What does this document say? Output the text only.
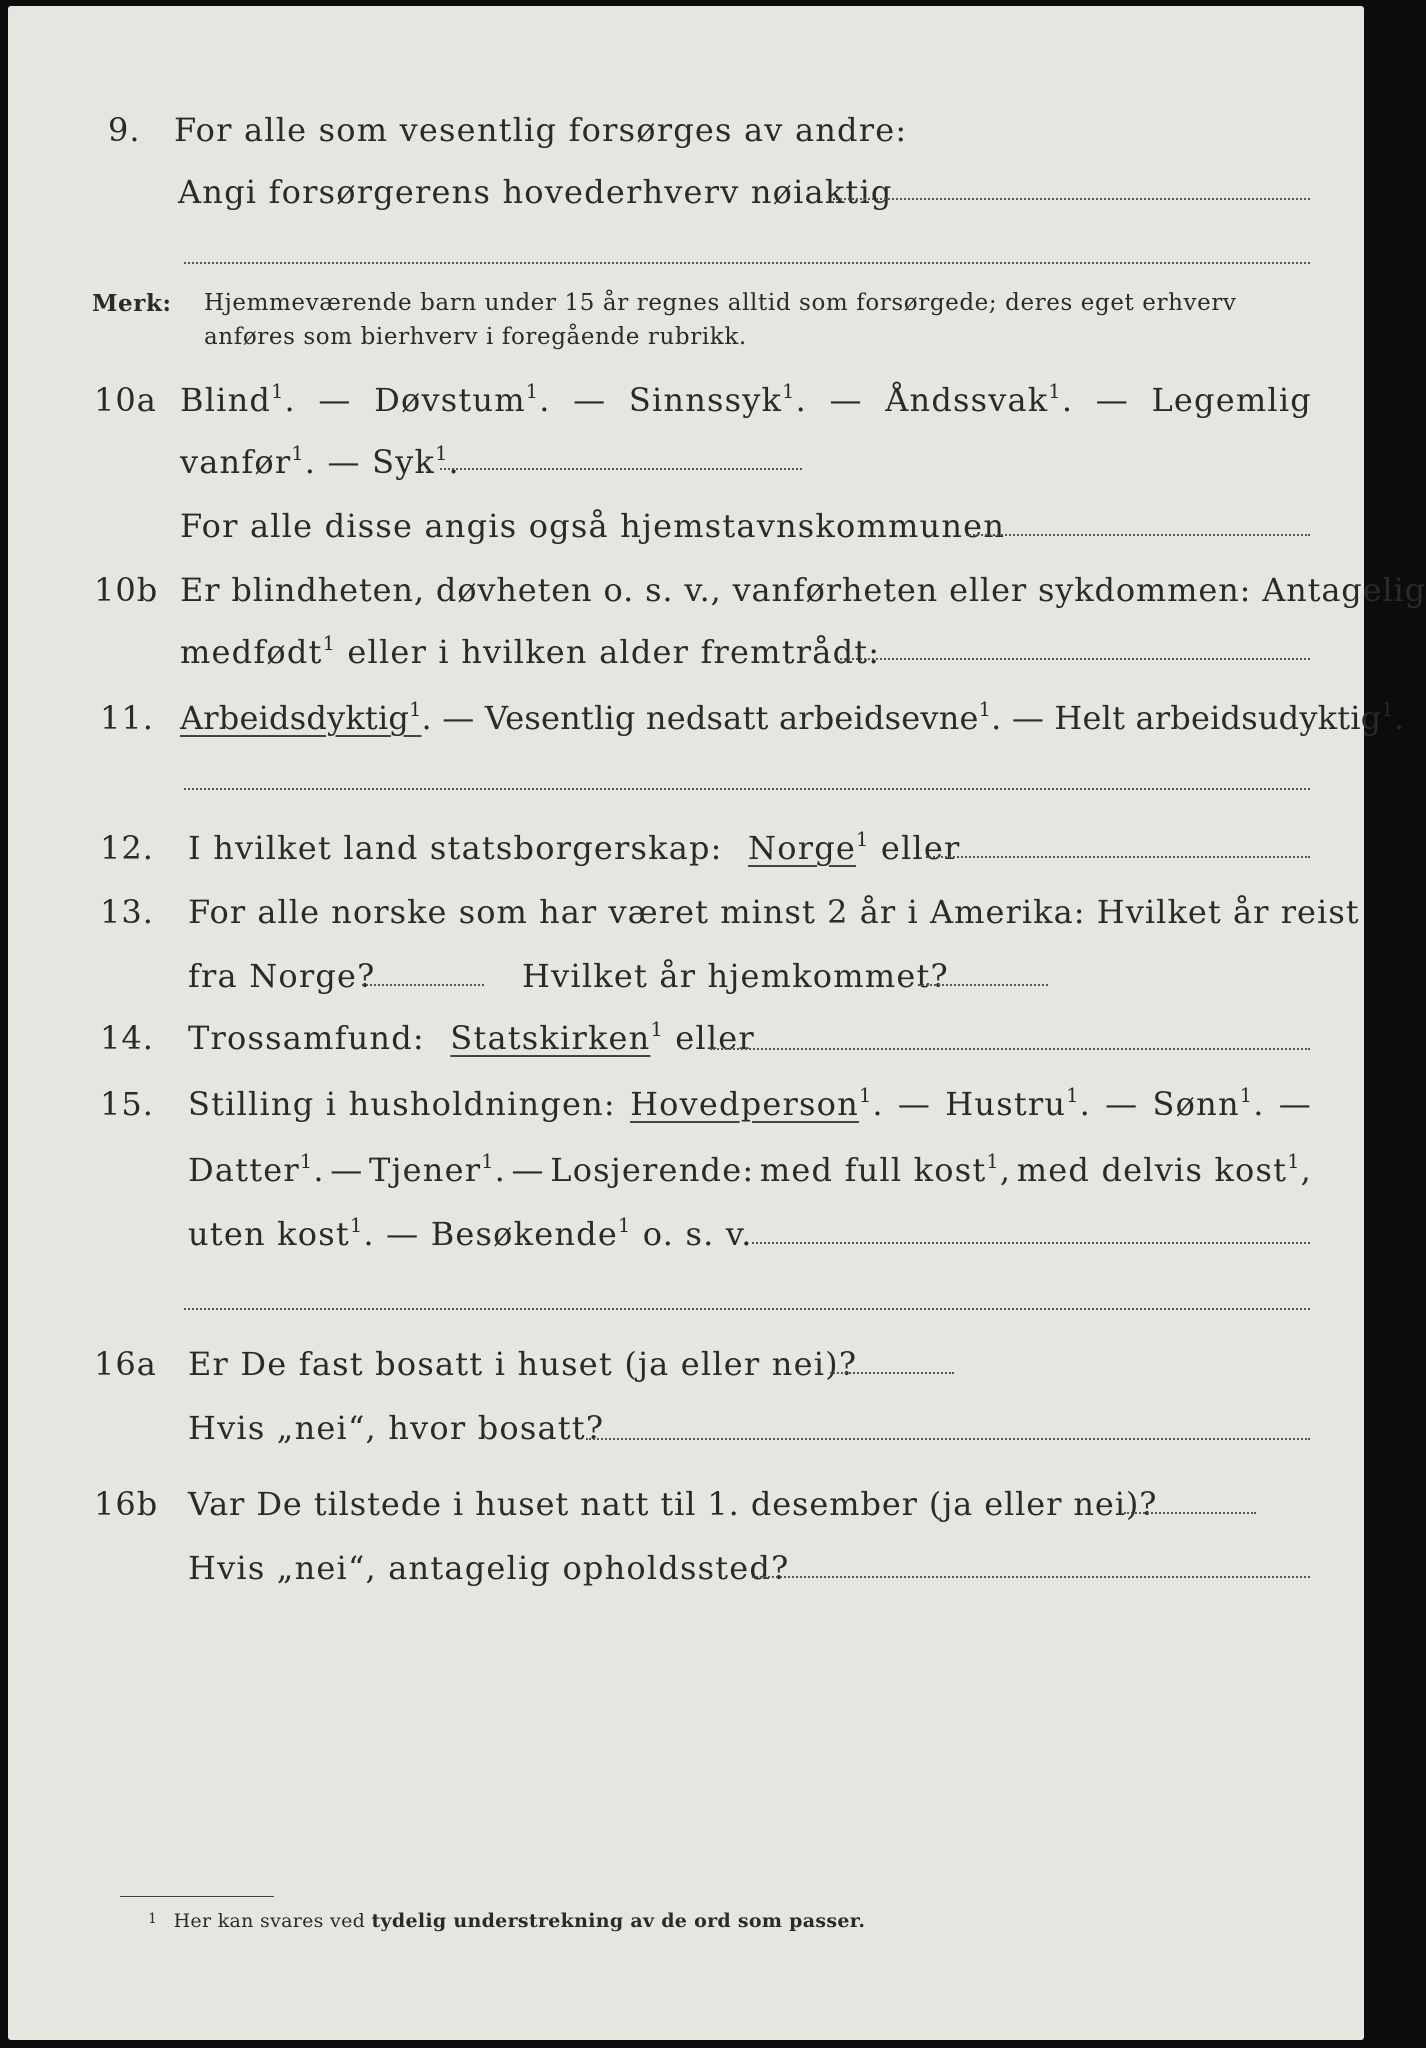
9. For alle som vesentlig forsørges av andre:
Angi forsørgerens hovederhverv nøiaktig
Merk: Hjemmeværende barn under 15 år regnes alltid som forsørgede; deres eget erhverv
anføres som bierhverv i foregående rubrikk.
10a Blind$^1$. — Døvstum$^1$. — Sinnssyk$^1$. — Åndssvak$^1$. — Legemlig
vanfør$^1$. — Syk$^1$.
For alle disse angis også hjemstavnskommunen
10b Er blindheten, døvheten o. s. v., vanførheten eller sykdommen: Antagelig
medfødt$^1$ eller i hvilken alder fremtrådt:
11. Arbeidsdyktig$^1$. — Vesentlig nedsatt arbeidsevne$^1$. — Helt arbeidsudyktig$^1$.
12. I hvilket land statsborgerskap: Norge$^1$ eller
13. For alle norske som har været minst 2 år i Amerika: Hvilket år reist
fra Norge?	Hvilket år hjemkommet?
14. Trossamfund: Statskirken$^1$ eller
15. Stilling i husholdningen: Hovedperson$^1$. — Hustru$^1$. — Sønn$^1$. —
Datter$^1$. — Tjener$^1$. — Losjerende: med full kost$^1$, med delvis kost$^1$,
uten kost$^1$. — Besøkende$^1$ o. s. v.
16a Er De fast bosatt i huset (ja eller nei)?
Hvis „nei“, hvor bosatt?
16b Var De tilstede i huset natt til 1. desember (ja eller nei)?
Hvis „nei“, antagelig opholdssted?
$^1$ Her kan svares ved tydelig understrekning av de ord som passer.
